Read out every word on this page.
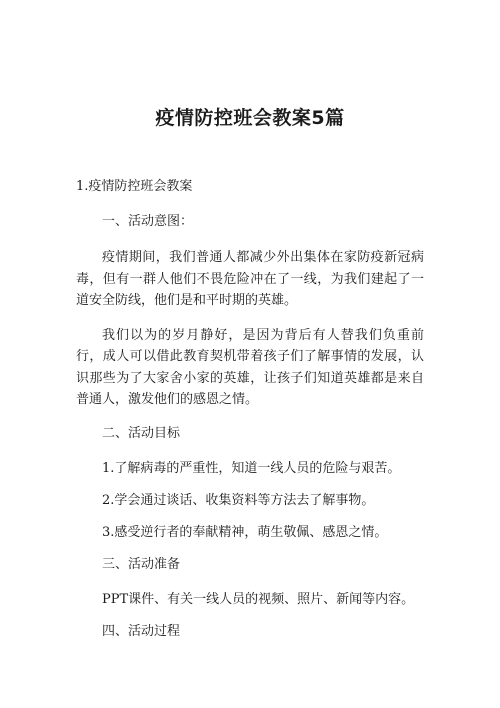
疫情防控班会教案5篇

1.疫情防控班会教案

一、活动意图：

疫情期间，我们普通人都减少外出集体在家防疫新冠病毒，但有一群人他们不畏危险冲在了一线，为我们建起了一道安全防线，他们是和平时期的英雄。

我们以为的岁月静好，是因为背后有人替我们负重前行，成人可以借此教育契机带着孩子们了解事情的发展，认识那些为了大家舍小家的英雄，让孩子们知道英雄都是来自普通人，激发他们的感恩之情。

二、活动目标

1.了解病毒的严重性，知道一线人员的危险与艰苦。

2.学会通过谈话、收集资料等方法去了解事物。

3.感受逆行者的奉献精神，萌生敬佩、感恩之情。

三、活动准备

PPT课件、有关一线人员的视频、照片、新闻等内容。

四、活动过程
